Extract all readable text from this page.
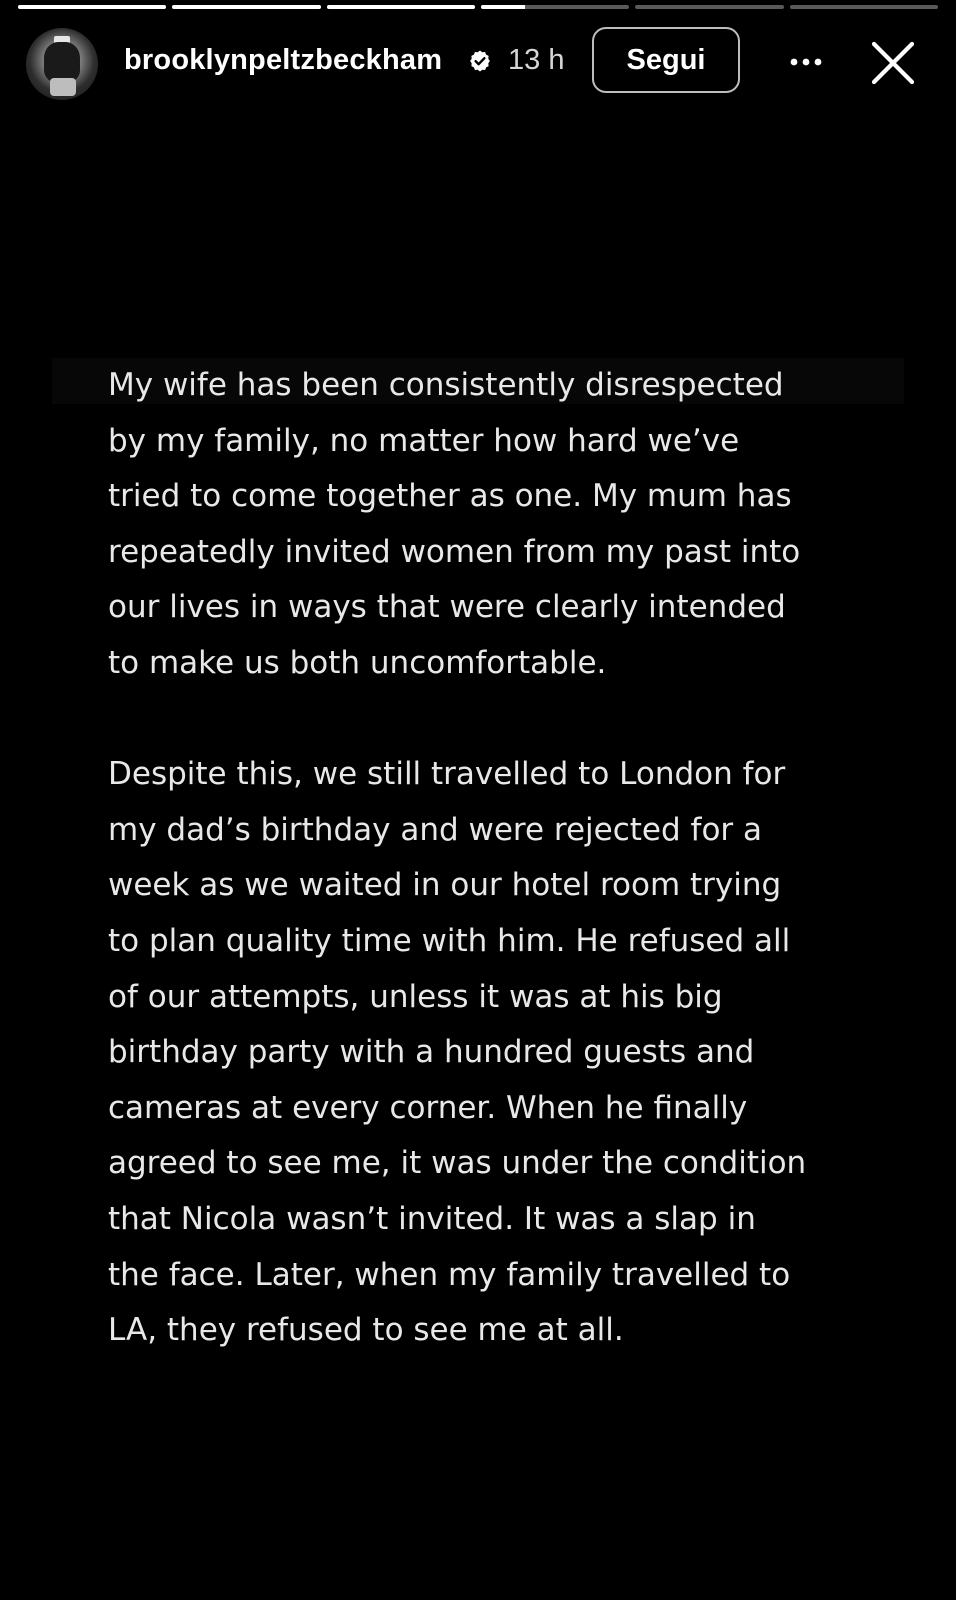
brooklynpeltzbeckham 13 h	Segui

My wife has been consistently disrespected
by my family, no matter how hard we’ve
tried to come together as one. My mum has
repeatedly invited women from my past into
our lives in ways that were clearly intended
to make us both uncomfortable.

Despite this, we still travelled to London for
my dad’s birthday and were rejected for a
week as we waited in our hotel room trying
to plan quality time with him. He refused all
of our attempts, unless it was at his big
birthday party with a hundred guests and
cameras at every corner. When he finally
agreed to see me, it was under the condition
that Nicola wasn’t invited. It was a slap in
the face. Later, when my family travelled to
LA, they refused to see me at all.
